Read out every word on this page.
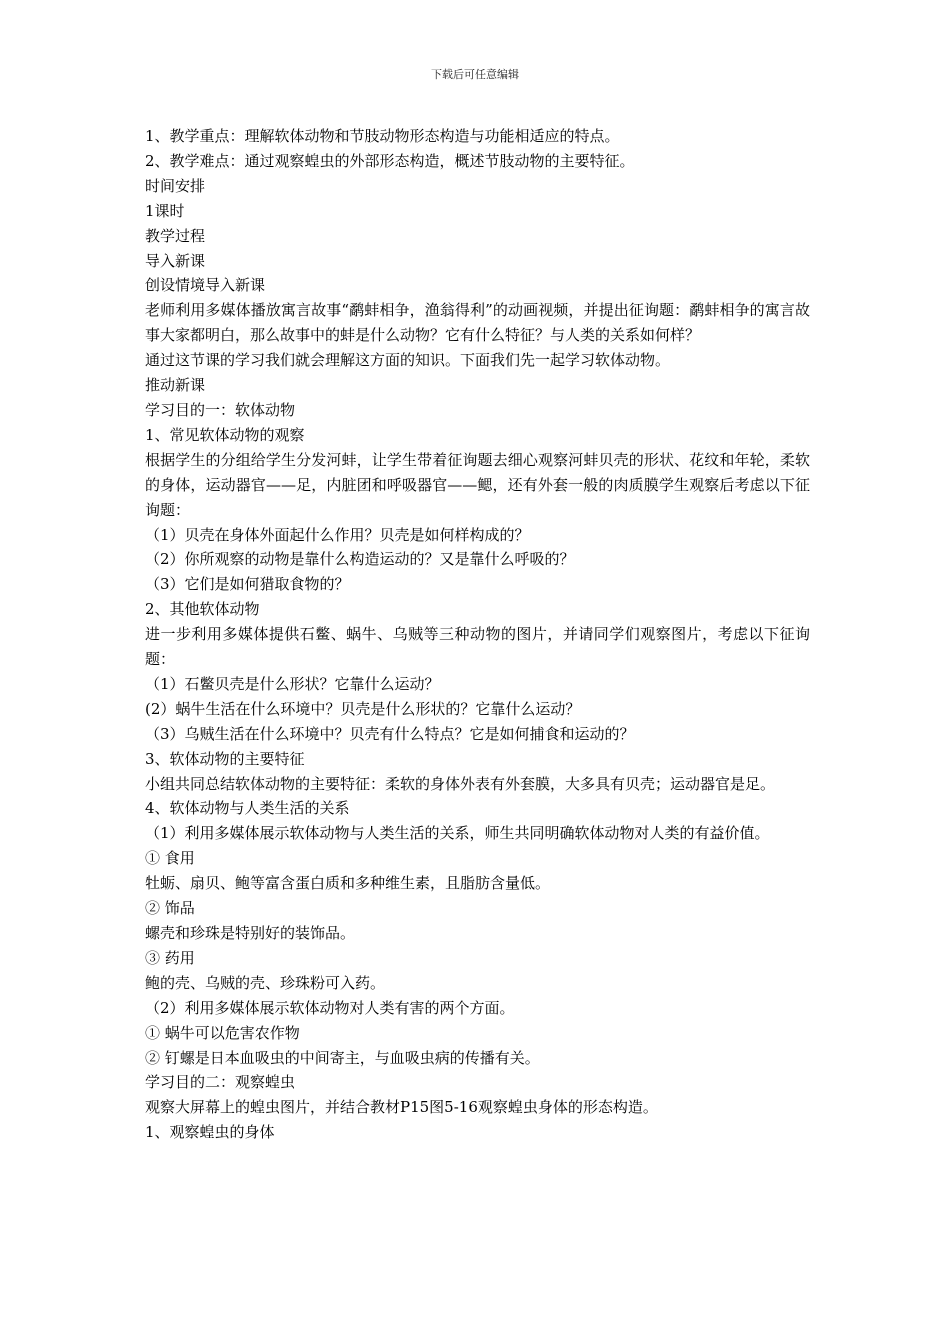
下载后可任意编辑
1、教学重点：理解软体动物和节肢动物形态构造与功能相适应的特点。
2、教学难点：通过观察蝗虫的外部形态构造，概述节肢动物的主要特征。
时间安排
1课时
教学过程
导入新课
创设情境导入新课
老师利用多媒体播放寓言故事“鹬蚌相争，渔翁得利”的动画视频，并提出征询题：鹬蚌相争的寓言故事大家都明白，那么故事中的蚌是什么动物？它有什么特征？与人类的关系如何样？
通过这节课的学习我们就会理解这方面的知识。下面我们先一起学习软体动物。
推动新课
学习目的一：软体动物
1、常见软体动物的观察
根据学生的分组给学生分发河蚌，让学生带着征询题去细心观察河蚌贝壳的形状、花纹和年轮，柔软的身体，运动器官——足，内脏团和呼吸器官——鳃，还有外套一般的肉质膜学生观察后考虑以下征询题：
（1）贝壳在身体外面起什么作用？贝壳是如何样构成的？
（2）你所观察的动物是靠什么构造运动的？又是靠什么呼吸的？
（3）它们是如何猎取食物的？
2、其他软体动物
进一步利用多媒体提供石鳖、蜗牛、乌贼等三种动物的图片，并请同学们观察图片，考虑以下征询题：
（1）石鳖贝壳是什么形状？它靠什么运动？
(2）蜗牛生活在什么环境中？贝壳是什么形状的？它靠什么运动？
（3）乌贼生活在什么环境中？贝壳有什么特点？它是如何捕食和运动的？
3、软体动物的主要特征
小组共同总结软体动物的主要特征：柔软的身体外表有外套膜，大多具有贝壳；运动器官是足。
4、软体动物与人类生活的关系
（1）利用多媒体展示软体动物与人类生活的关系，师生共同明确软体动物对人类的有益价值。
① 食用
牡蛎、扇贝、鲍等富含蛋白质和多种维生素，且脂肪含量低。
② 饰品
螺壳和珍珠是特别好的装饰品。
③ 药用
鲍的壳、乌贼的壳、珍珠粉可入药。
（2）利用多媒体展示软体动物对人类有害的两个方面。
① 蜗牛可以危害农作物
② 钉螺是日本血吸虫的中间寄主，与血吸虫病的传播有关。
学习目的二：观察蝗虫
观察大屏幕上的蝗虫图片，并结合教材P15图5-16观察蝗虫身体的形态构造。
1、观察蝗虫的身体
